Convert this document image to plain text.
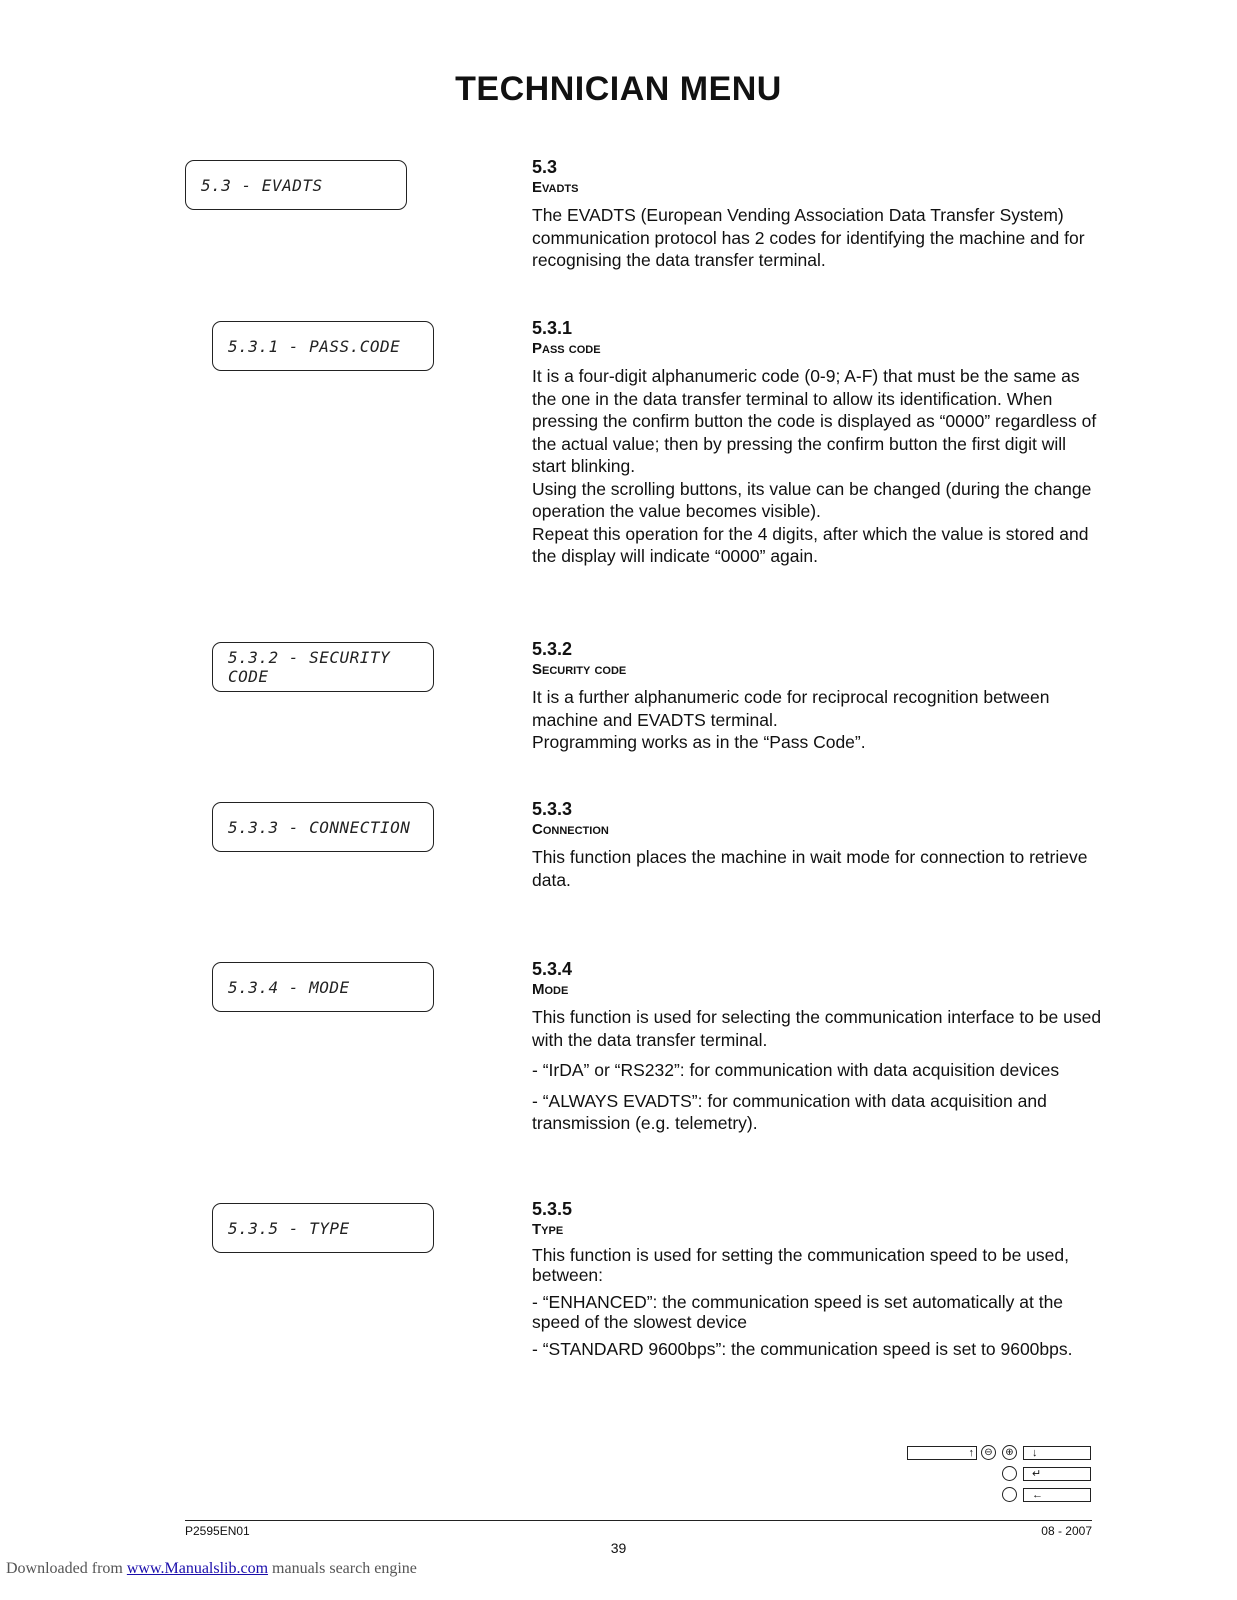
TECHNICIAN MENU
5.3 - EVADTS
5.3.1 - PASS.CODE
5.3.2 - SECURITY CODE
5.3.3 - CONNECTION
5.3.4 - MODE
5.3.5 - TYPE
5.3
Evadts

The EVADTS (European Vending Association Data Transfer System) communication protocol has 2 codes for identifying the machine and for recognising the data transfer terminal.

5.3.1
Pass code

It is a four-digit alphanumeric code (0-9; A-F) that must be the same as the one in the data transfer terminal to allow its identification. When pressing the confirm button the code is displayed as “0000” regardless of the actual value; then by pressing the confirm button the first digit will start blinking.

Using the scrolling buttons, its value can be changed (during the change operation the value becomes visible).

Repeat this operation for the 4 digits, after which the value is stored and the display will indicate “0000” again.

5.3.2
Security code

It is a further alphanumeric code for reciprocal recognition between machine and EVADTS terminal.

Programming works as in the “Pass Code”.

5.3.3
Connection

This function places the machine in wait mode for connection to retrieve data.

5.3.4
Mode

This function is used for selecting the communication interface to be used with the data transfer terminal.

- “IrDA” or “RS232”: for communication with data acquisition devices

- “ALWAYS EVADTS”: for communication with data acquisition and transmission (e.g. telemetry).

5.3.5
Type

This function is used for setting the communication speed to be used, between:

- “ENHANCED”: the communication speed is set automatically at the speed of the slowest device

- “STANDARD 9600bps”: the communication speed is set to 9600bps.

↑	⊖	⊕	↓
↵
←
P2595EN01
39
08 - 2007
Downloaded from www.Manualslib.com manuals search engine
